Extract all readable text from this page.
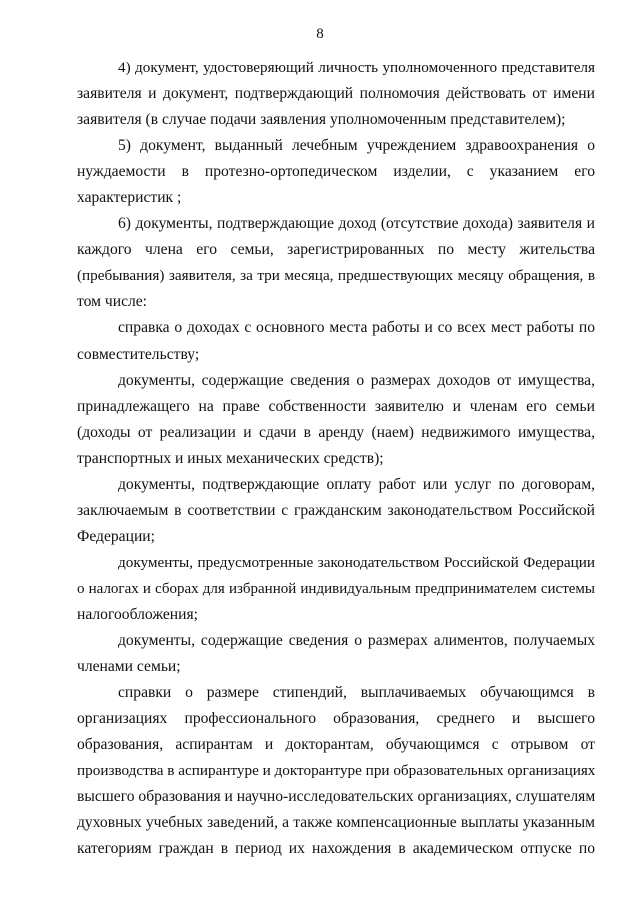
8
4) документ, удостоверяющий личность уполномоченного представителя
заявителя и документ, подтверждающий полномочия действовать от имени
заявителя (в случае подачи заявления уполномоченным представителем);
5) документ, выданный лечебным учреждением здравоохранения о
нуждаемости в протезно-ортопедическом изделии, с указанием его
характеристик ;
6) документы, подтверждающие доход (отсутствие дохода) заявителя и
каждого члена его семьи, зарегистрированных по месту жительства
(пребывания) заявителя, за три месяца, предшествующих месяцу обращения, в
том числе:
справка о доходах с основного места работы и со всех мест работы по
совместительству;
документы, содержащие сведения о размерах доходов от имущества,
принадлежащего на праве собственности заявителю и членам его семьи
(доходы от реализации и сдачи в аренду (наем) недвижимого имущества,
транспортных и иных механических средств);
документы, подтверждающие оплату работ или услуг по договорам,
заключаемым в соответствии с гражданским законодательством Российской
Федерации;
документы, предусмотренные законодательством Российской Федерации
о налогах и сборах для избранной индивидуальным предпринимателем системы
налогообложения;
документы, содержащие сведения о размерах алиментов, получаемых
членами семьи;
справки о размере стипендий, выплачиваемых обучающимся в
организациях профессионального образования, среднего и высшего
образования, аспирантам и докторантам, обучающимся с отрывом от
производства в аспирантуре и докторантуре при образовательных организациях
высшего образования и научно-исследовательских организациях, слушателям
духовных учебных заведений, а также компенсационные выплаты указанным
категориям граждан в период их нахождения в академическом отпуске по
